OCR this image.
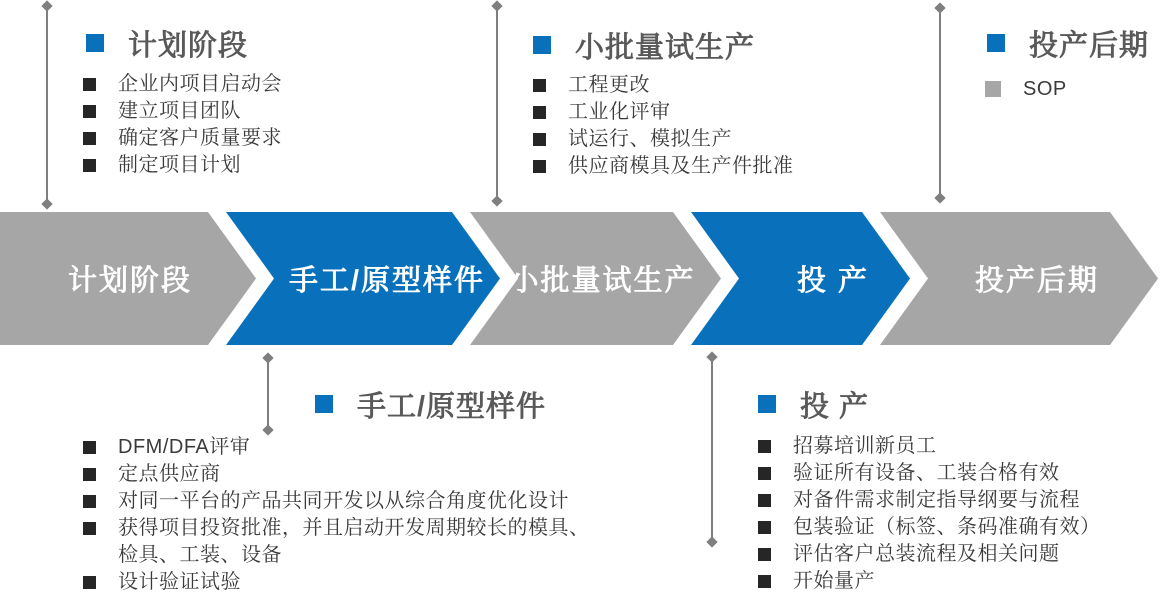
计划阶段	手工/原型样件 小批量试生产	投 产	投产后期
计划阶段
企业内项目启动会
建立项目团队
确定客户质量要求
制定项目计划
小批量试生产
工程更改
工业化评审
试运行、模拟生产
供应商模具及生产件批准
投产后期
SOP
手工/原型样件
DFM/DFA评审
定点供应商
对同一平台的产品共同开发以从综合角度优化设计
获得项目投资批准，并且启动开发周期较长的模具、检具、工装、设备
设计验证试验
投 产
招募培训新员工
验证所有设备、工装合格有效
对备件需求制定指导纲要与流程
包装验证（标签、条码准确有效）
评估客户总装流程及相关问题
开始量产
